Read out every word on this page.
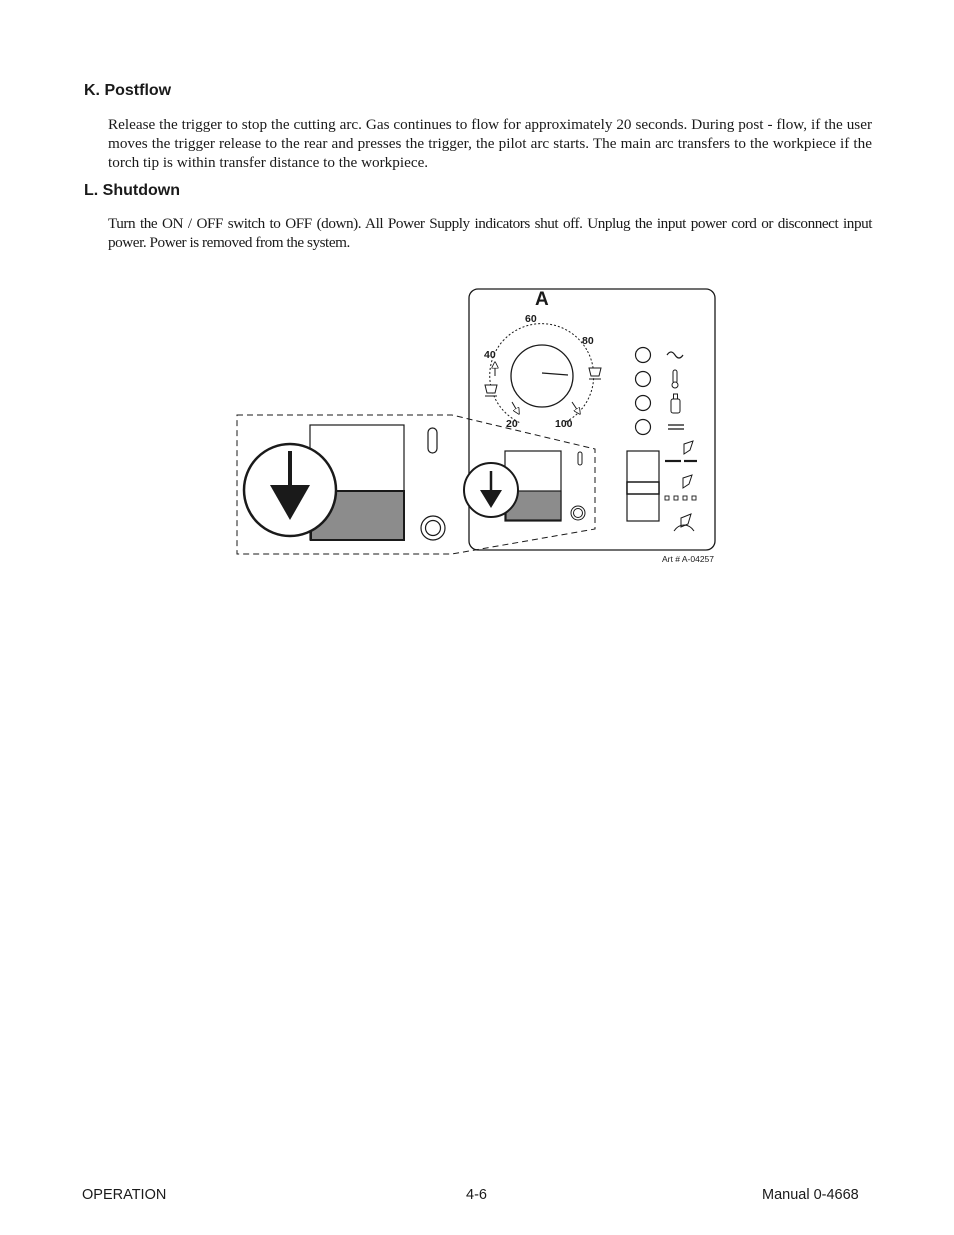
K. Postflow

Release the trigger to stop the cutting arc. Gas continues to flow for approximately 20 seconds. During post - flow, if the user moves the trigger release to the rear and presses the trigger, the pilot arc starts. The main arc transfers to the workpiece if the torch tip is within transfer distance to the workpiece.

L. Shutdown

Turn the ON / OFF switch to OFF (down). All Power Supply indicators shut off. Unplug the input power cord or disconnect input power. Power is removed from the system.

A
20
40
60
80
100
Art # A-04257

OPERATION	4-6	Manual 0-4668
